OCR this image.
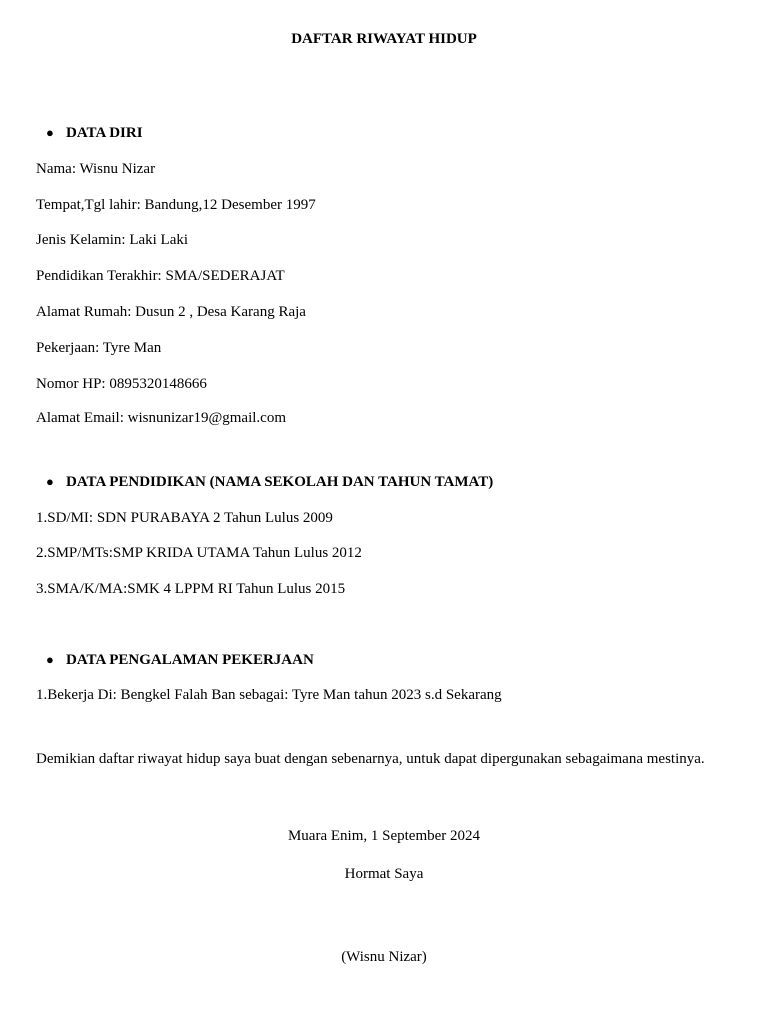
DAFTAR RIWAYAT HIDUP
● DATA DIRI
Nama: Wisnu Nizar
Tempat,Tgl lahir: Bandung,12 Desember 1997
Jenis Kelamin: Laki Laki
Pendidikan Terakhir: SMA/SEDERAJAT
Alamat Rumah: Dusun 2 , Desa Karang Raja
Pekerjaan: Tyre Man
Nomor HP: 0895320148666
Alamat Email: wisnunizar19@gmail.com
● DATA PENDIDIKAN (NAMA SEKOLAH DAN TAHUN TAMAT)
1.SD/MI: SDN PURABAYA 2 Tahun Lulus 2009
2.SMP/MTs:SMP KRIDA UTAMA Tahun Lulus 2012
3.SMA/K/MA:SMK 4 LPPM RI Tahun Lulus 2015
● DATA PENGALAMAN PEKERJAAN
1.Bekerja Di: Bengkel Falah Ban sebagai: Tyre Man tahun 2023 s.d Sekarang
Demikian daftar riwayat hidup saya buat dengan sebenarnya, untuk dapat dipergunakan sebagaimana mestinya.
Muara Enim, 1 September 2024
Hormat Saya
(Wisnu Nizar)
